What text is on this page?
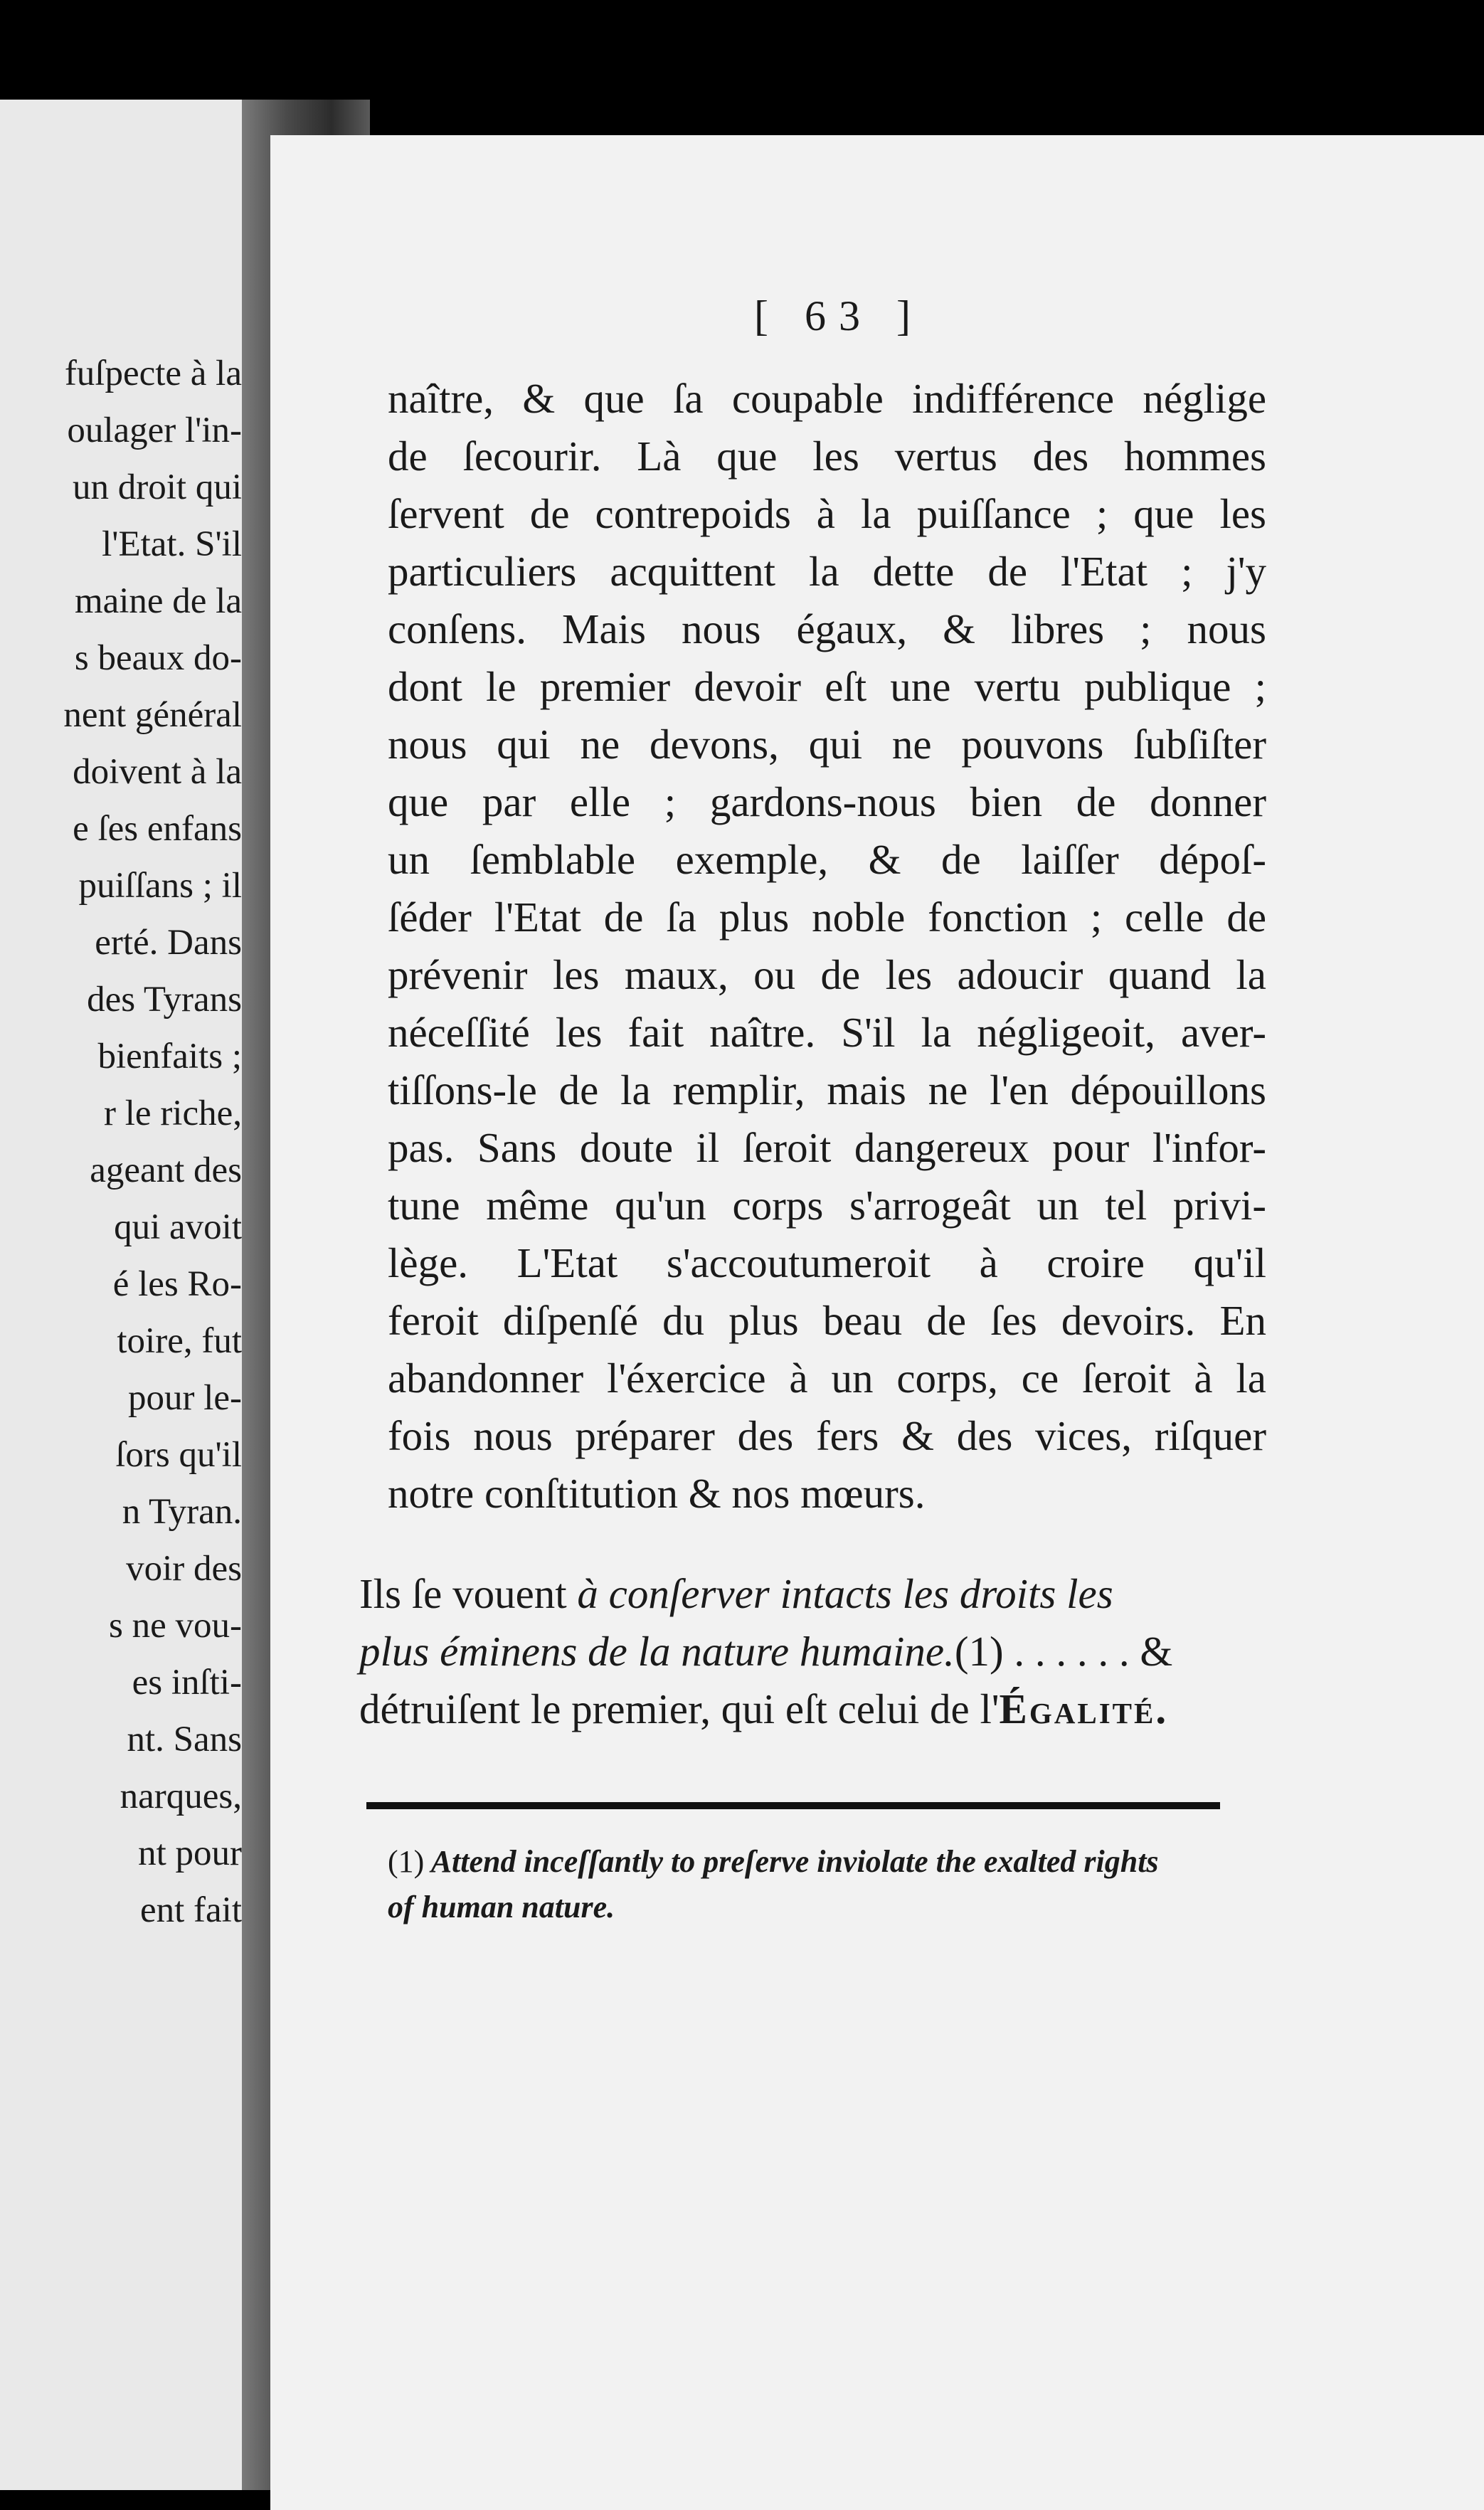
fuſpecte à la
oulager l'in-
un droit qui
l'Etat. S'il
maine de la
s beaux do-
nent général
doivent à la
e ſes enfans
puiſſans ; il
erté. Dans
des Tyrans
bienfaits ;
r le riche,
ageant des
qui avoit
é les Ro-
toire, fut
pour le-
ſors qu'il
n Tyran.
voir des
s ne vou-
es inſti-
nt. Sans
narques,
nt pour
ent fait
[ 63 ]
naître, & que ſa coupable indifférence néglige
de ſecourir. Là que les vertus des hommes
ſervent de contrepoids à la puiſſance ; que les
particuliers acquittent la dette de l'Etat ; j'y
conſens. Mais nous égaux, & libres ; nous
dont le premier devoir eſt une vertu publique ;
nous qui ne devons, qui ne pouvons ſubſiſter
que par elle ; gardons-nous bien de donner
un ſemblable exemple, & de laiſſer dépoſ-
ſéder l'Etat de ſa plus noble fonction ; celle de
prévenir les maux, ou de les adoucir quand la
néceſſité les fait naître. S'il la négligeoit, aver-
tiſſons-le de la remplir, mais ne l'en dépouillons
pas. Sans doute il ſeroit dangereux pour l'infor-
tune même qu'un corps s'arrogeât un tel privi-
lège. L'Etat s'accoutumeroit à croire qu'il
feroit diſpenſé du plus beau de ſes devoirs. En
abandonner l'éxercice à un corps, ce ſeroit à la
fois nous préparer des fers & des vices, riſquer
notre conſtitution & nos mœurs.
Ils ſe vouent à conſerver intacts les droits les
plus éminens de la nature humaine.(1) . . . . . . &
détruiſent le premier, qui eſt celui de l'Égalité.
(1) Attend inceſſantly to preſerve inviolate the exalted rights
of human nature.
